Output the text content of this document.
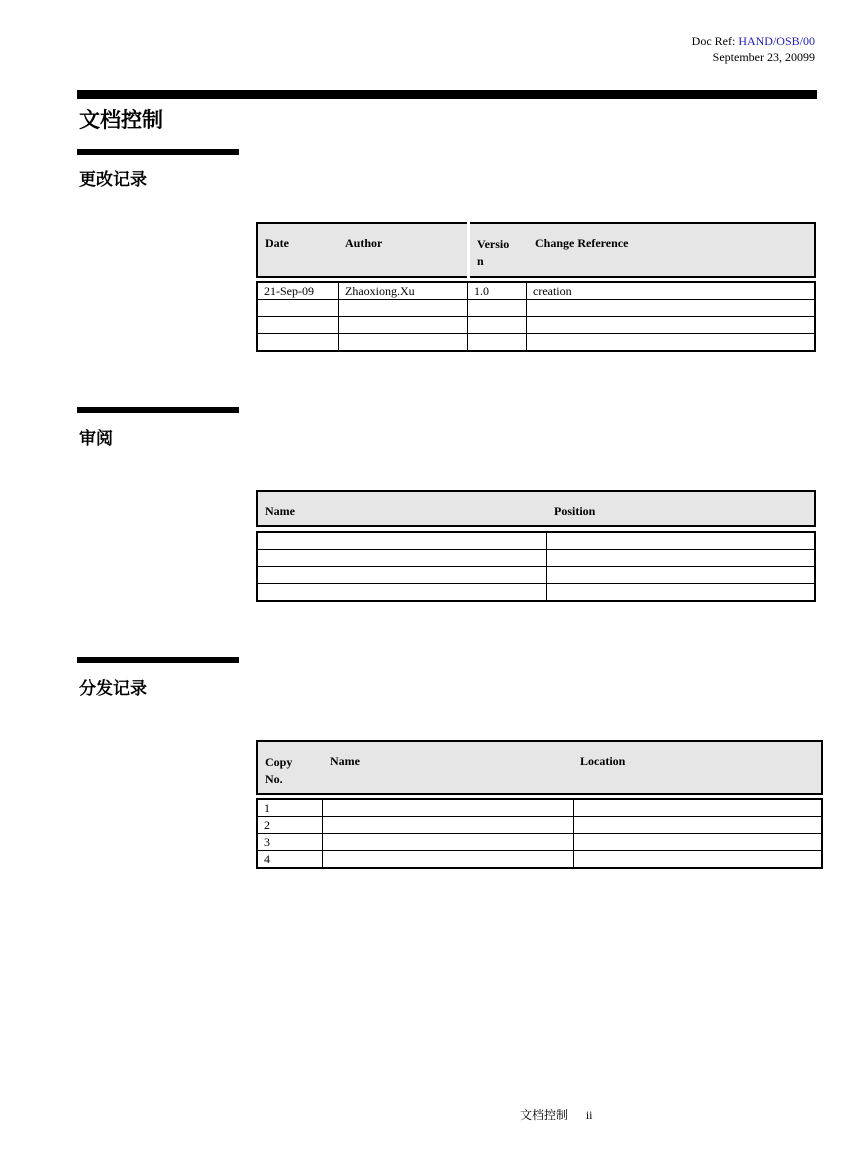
Doc Ref: HAND/OSB/00
September 23, 20099
文档控制
更改记录
Date	Author	Versio
n	Change Reference
21-Sep-09	Zhaoxiong.Xu	1.0	creation

审阅
Name	Position

分发记录
Copy
No.	Name	Location
1		
2		
3		
4		
文档控制 ii
